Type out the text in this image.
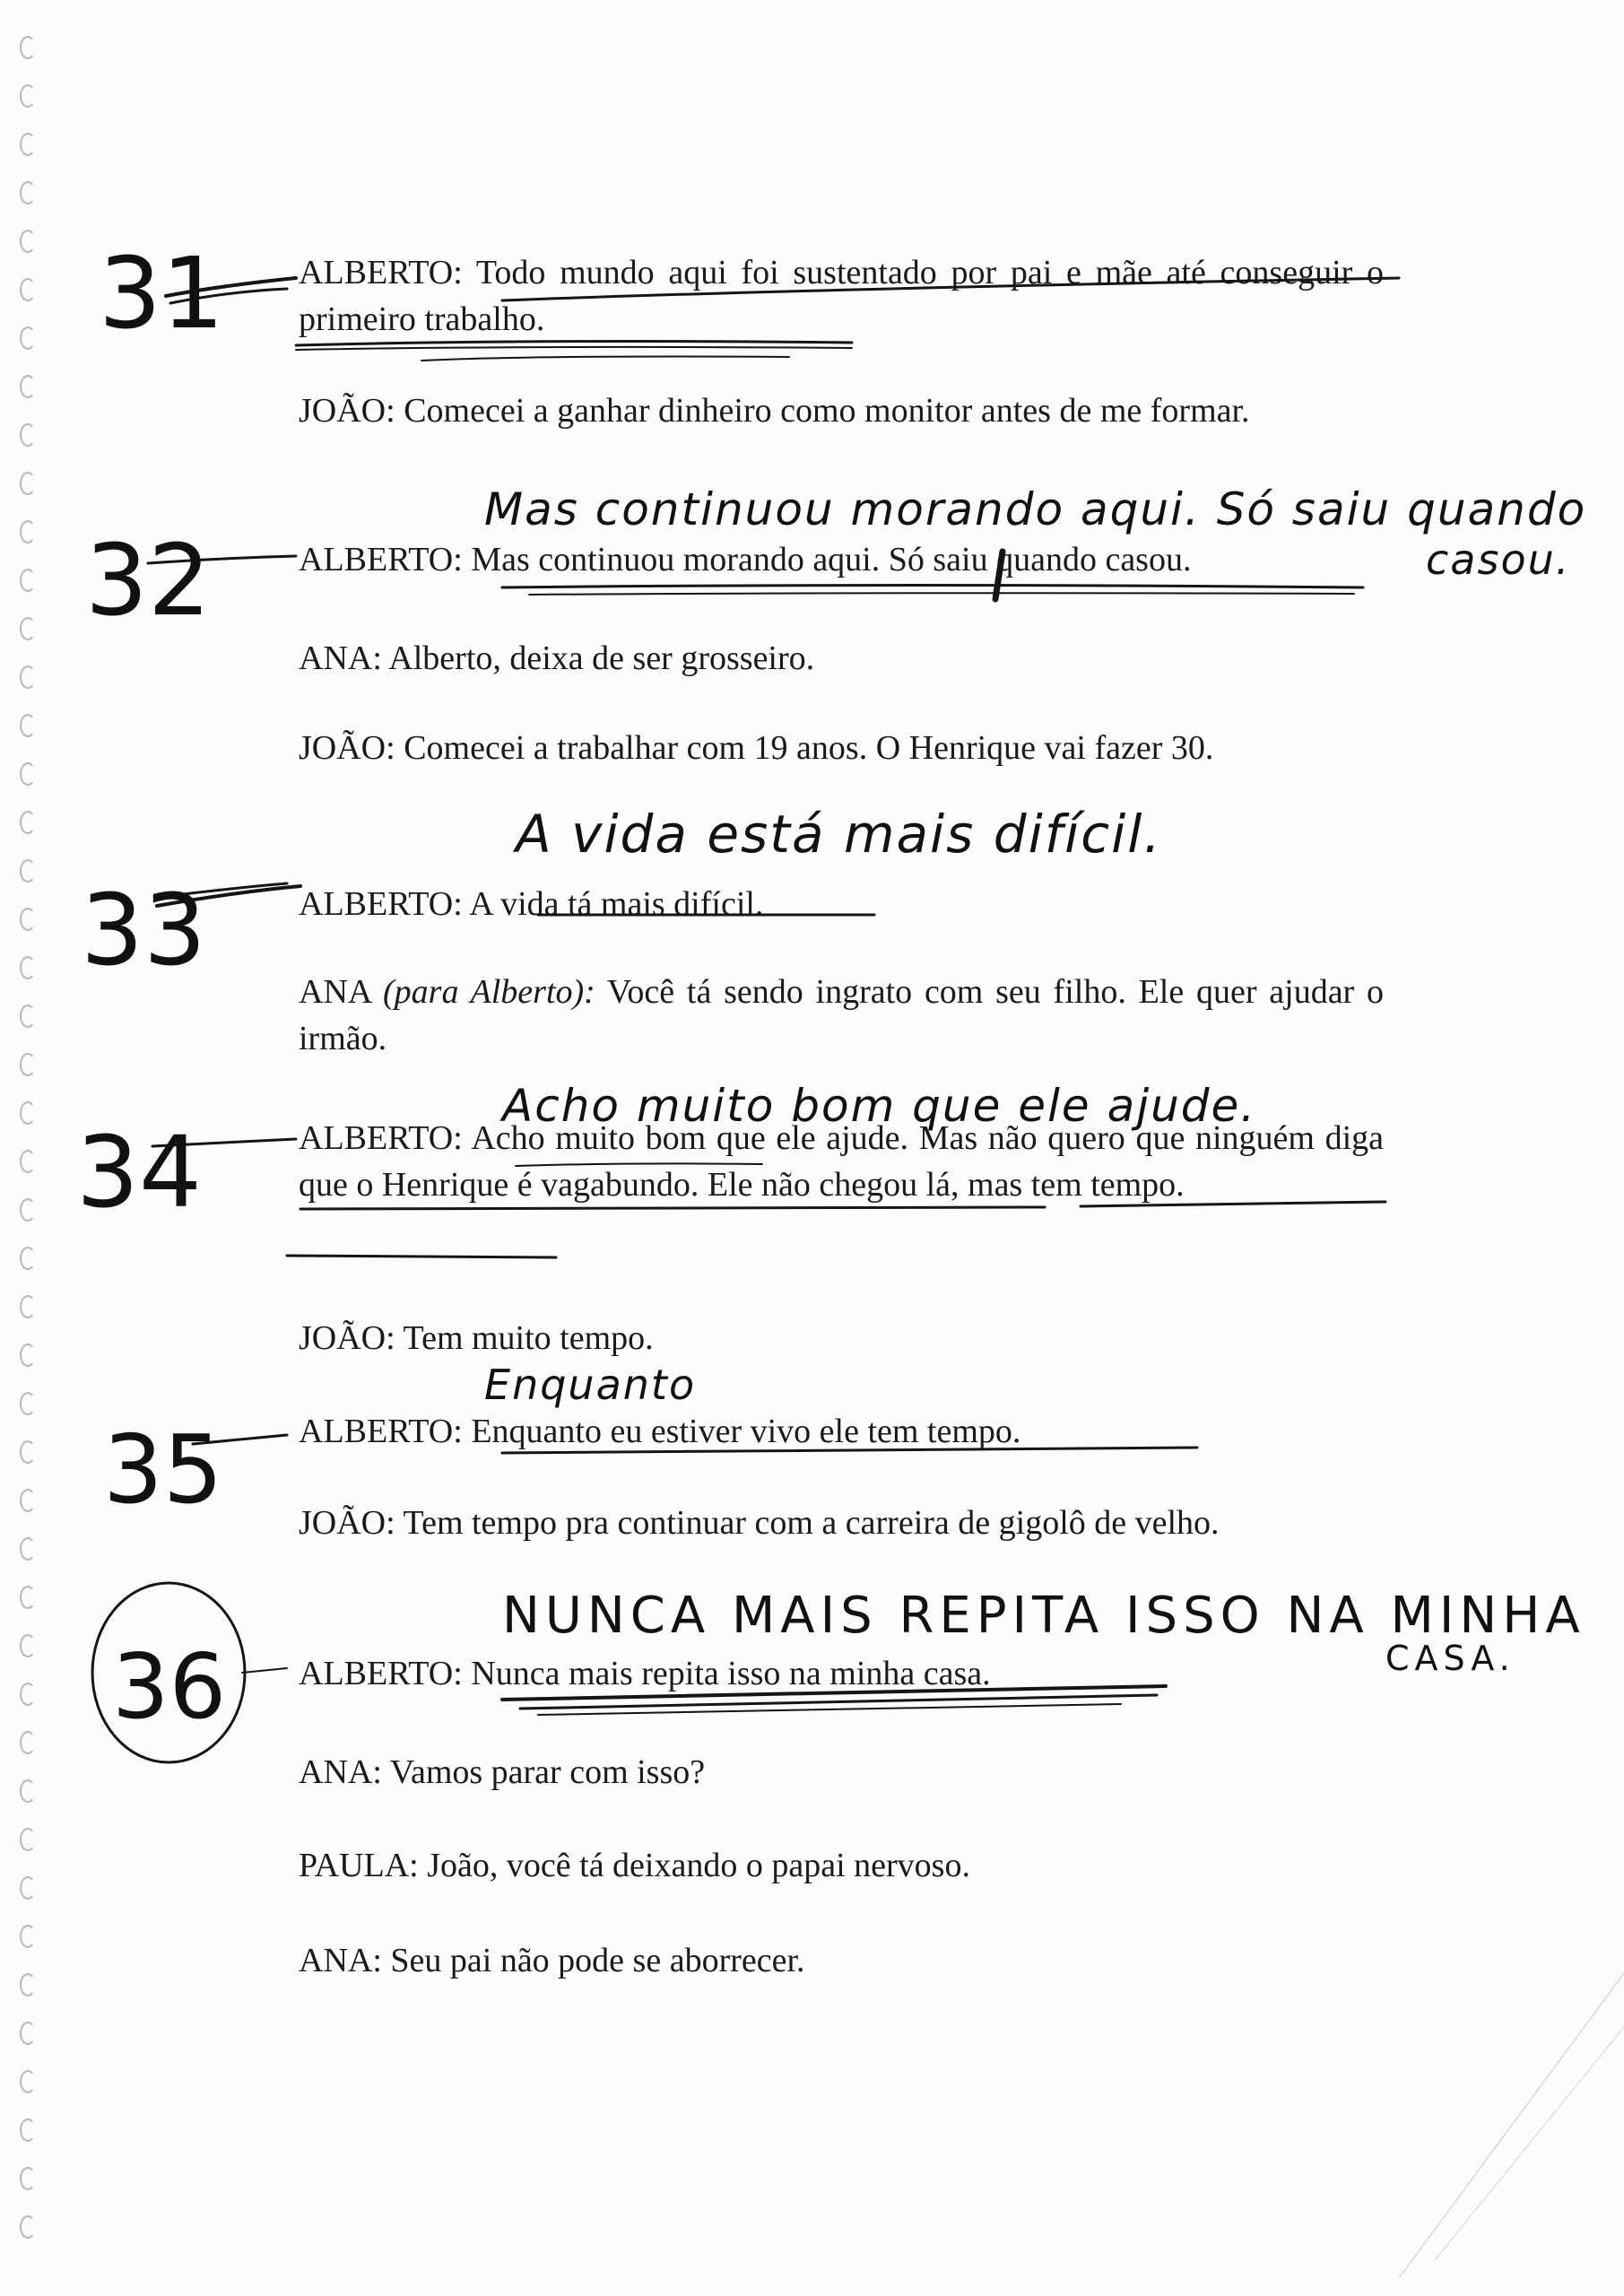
ALBERTO: Todo mundo aqui foi sustentado por pai e mãe até conseguir o primeiro trabalho.
JOÃO: Comecei a ganhar dinheiro como monitor antes de me formar.
ALBERTO: Mas continuou morando aqui. Só saiu quando casou.
ANA: Alberto, deixa de ser grosseiro.
JOÃO: Comecei a trabalhar com 19 anos. O Henrique vai fazer 30.
ALBERTO: A vida tá mais difícil.
ANA (para Alberto): Você tá sendo ingrato com seu filho. Ele quer ajudar o irmão.
ALBERTO: Acho muito bom que ele ajude. Mas não quero que ninguém diga que o Henrique é vagabundo. Ele não chegou lá, mas tem tempo.
JOÃO: Tem muito tempo.
ALBERTO: Enquanto eu estiver vivo ele tem tempo.
JOÃO: Tem tempo pra continuar com a carreira de gigolô de velho.
ALBERTO: Nunca mais repita isso na minha casa.
ANA: Vamos parar com isso?
PAULA: João, você tá deixando o papai nervoso.
ANA: Seu pai não pode se aborrecer.
31
32
33
34
35
36
Mas continuou morando aqui. Só saiu quando
casou.
A vida está mais difícil.
Acho muito bom que ele ajude.
Enquanto
NUNCA MAIS REPITA ISSO NA MINHA
CASA.
